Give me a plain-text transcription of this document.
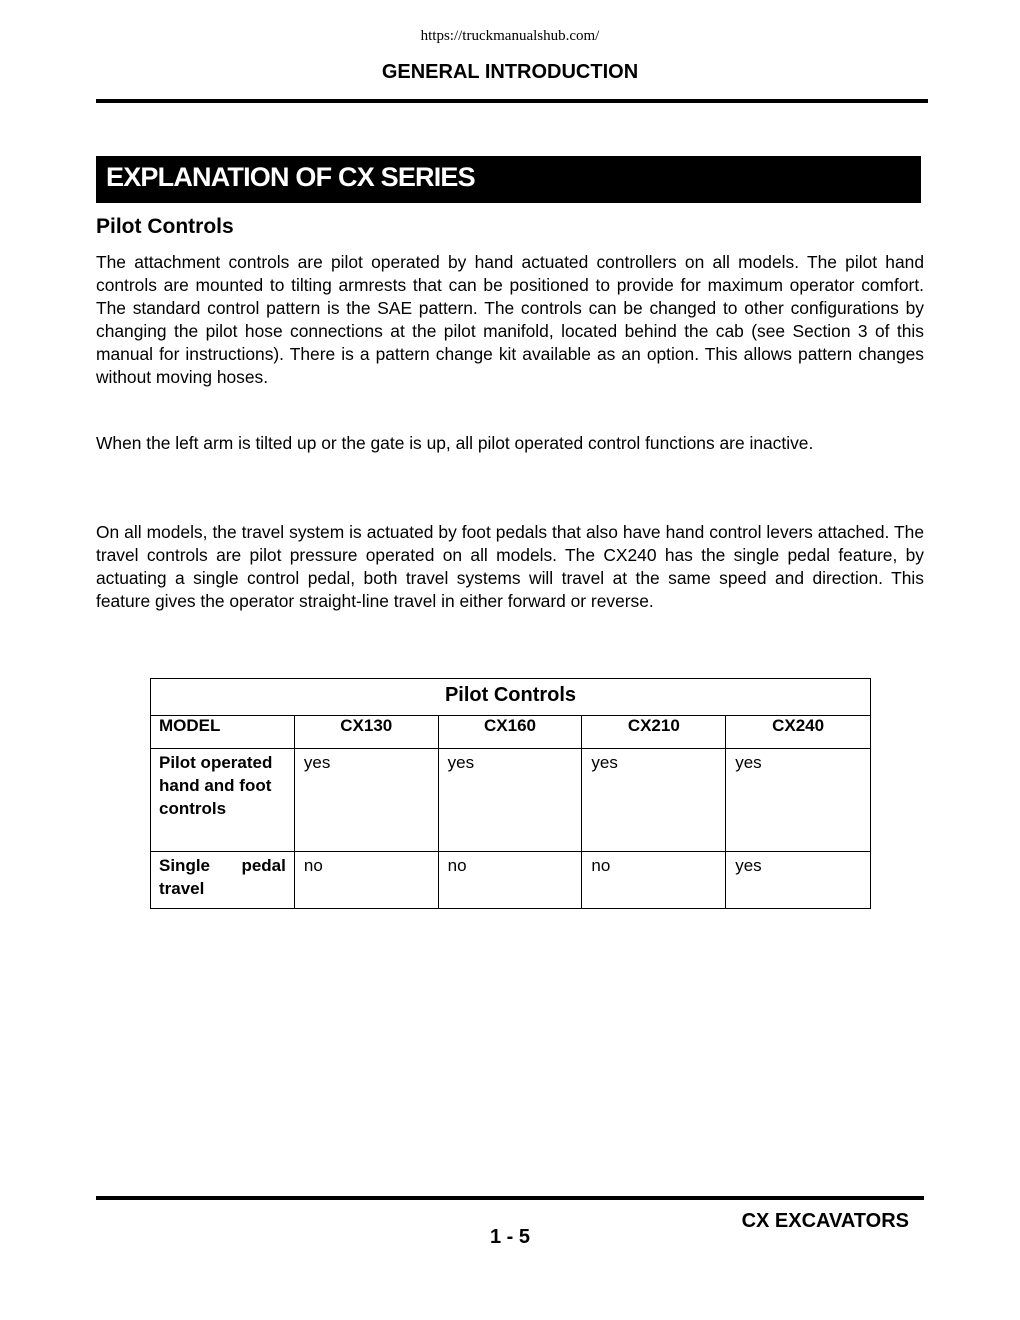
https://truckmanualshub.com/
GENERAL INTRODUCTION
EXPLANATION OF CX SERIES
Pilot Controls

The attachment controls are pilot operated by hand actuated controllers on all models. The pilot hand controls are mounted to tilting armrests that can be positioned to provide for maximum operator comfort. The standard control pattern is the SAE pattern. The controls can be changed to other configurations by changing the pilot hose connections at the pilot manifold, located behind the cab (see Section 3 of this manual for instructions). There is a pattern change kit available as an option. This allows pattern changes without moving hoses.

When the left arm is tilted up or the gate is up, all pilot operated control functions are inactive.

On all models, the travel system is actuated by foot pedals that also have hand control levers attached. The travel controls are pilot pressure operated on all models. The CX240 has the single pedal feature, by actuating a single control pedal, both travel systems will travel at the same speed and direction. This feature gives the operator straight-line travel in either forward or reverse.

Pilot Controls				
MODEL	CX130	CX160	CX210	CX240
Pilot operated hand and foot controls	yes	yes	yes	yes
Single pedal travel	no	no	no	yes
CX EXCAVATORS
1 - 5
